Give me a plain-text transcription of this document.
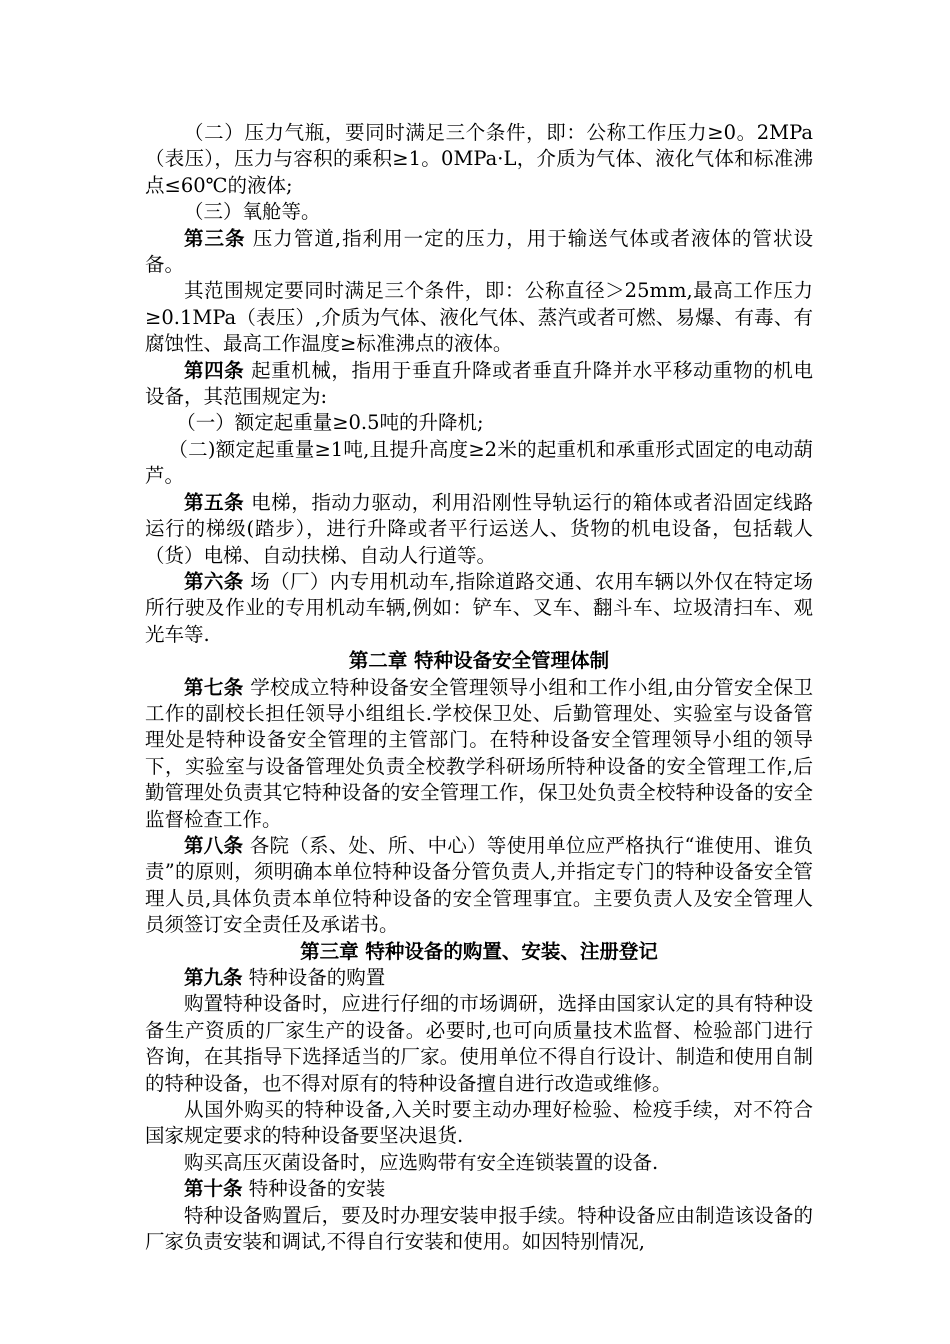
（二）压力气瓶，要同时满足三个条件，即：公称工作压力≥0。2MPa（表压），压力与容积的乘积≥1。0MPa·L，介质为气体、液化气体和标准沸点≤60℃的液体;

（三）氧舱等。

第三条 压力管道,指利用一定的压力，用于输送气体或者液体的管状设备。

其范围规定要同时满足三个条件，即：公称直径＞25mm,最高工作压力≥0.1MPa（表压）,介质为气体、液化气体、蒸汽或者可燃、易爆、有毒、有腐蚀性、最高工作温度≥标准沸点的液体。

第四条 起重机械，指用于垂直升降或者垂直升降并水平移动重物的机电设备，其范围规定为:

（一）额定起重量≥0.5吨的升降机;

（二)额定起重量≥1吨,且提升高度≥2米的起重机和承重形式固定的电动葫芦。

第五条 电梯，指动力驱动，利用沿刚性导轨运行的箱体或者沿固定线路运行的梯级(踏步），进行升降或者平行运送人、货物的机电设备，包括载人（货）电梯、自动扶梯、自动人行道等。

第六条 场（厂）内专用机动车,指除道路交通、农用车辆以外仅在特定场所行驶及作业的专用机动车辆,例如：铲车、叉车、翻斗车、垃圾清扫车、观光车等.

第二章 特种设备安全管理体制

第七条 学校成立特种设备安全管理领导小组和工作小组,由分管安全保卫工作的副校长担任领导小组组长.学校保卫处、后勤管理处、实验室与设备管理处是特种设备安全管理的主管部门。在特种设备安全管理领导小组的领导下，实验室与设备管理处负责全校教学科研场所特种设备的安全管理工作,后勤管理处负责其它特种设备的安全管理工作，保卫处负责全校特种设备的安全监督检查工作。

第八条 各院（系、处、所、中心）等使用单位应严格执行“谁使用、谁负责”的原则，须明确本单位特种设备分管负责人,并指定专门的特种设备安全管理人员,具体负责本单位特种设备的安全管理事宜。主要负责人及安全管理人员须签订安全责任及承诺书。

第三章 特种设备的购置、安装、注册登记

第九条 特种设备的购置

购置特种设备时，应进行仔细的市场调研，选择由国家认定的具有特种设备生产资质的厂家生产的设备。必要时,也可向质量技术监督、检验部门进行咨询，在其指导下选择适当的厂家。使用单位不得自行设计、制造和使用自制的特种设备，也不得对原有的特种设备擅自进行改造或维修。

从国外购买的特种设备,入关时要主动办理好检验、检疫手续，对不符合国家规定要求的特种设备要坚决退货.

购买高压灭菌设备时，应选购带有安全连锁装置的设备.

第十条 特种设备的安装

特种设备购置后，要及时办理安装申报手续。特种设备应由制造该设备的厂家负责安装和调试,不得自行安装和使用。如因特别情况,
